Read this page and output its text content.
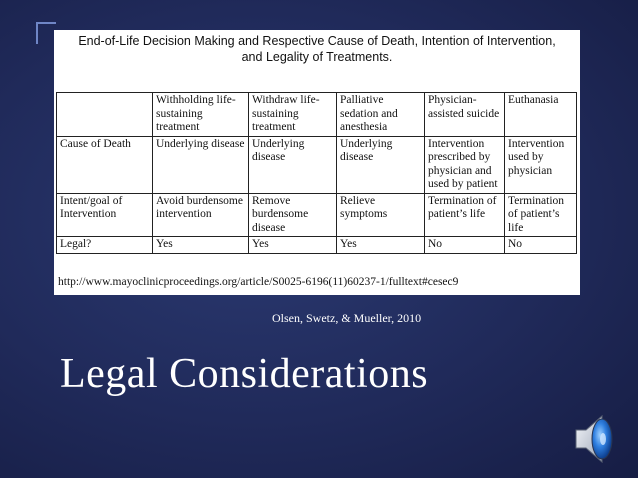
End-of-Life Decision Making and Respective Cause of Death, Intention of Intervention,
and Legality of Treatments.
	Withholding life-sustaining treatment	Withdraw life-sustaining treatment	Palliative sedation and anesthesia	Physician-assisted suicide	Euthanasia
Cause of Death	Underlying disease	Underlying disease	Underlying disease	Intervention prescribed by physician and used by patient	Intervention used by physician
Intent/goal of Intervention	Avoid burdensome intervention	Remove burdensome disease	Relieve symptoms	Termination of patient’s life	Termination of patient’s life
Legal?	Yes	Yes	Yes	No	No
http://www.mayoclinicproceedings.org/article/S0025-6196(11)60237-1/fulltext#cesec9
Olsen, Swetz, & Mueller, 2010
Legal Considerations
